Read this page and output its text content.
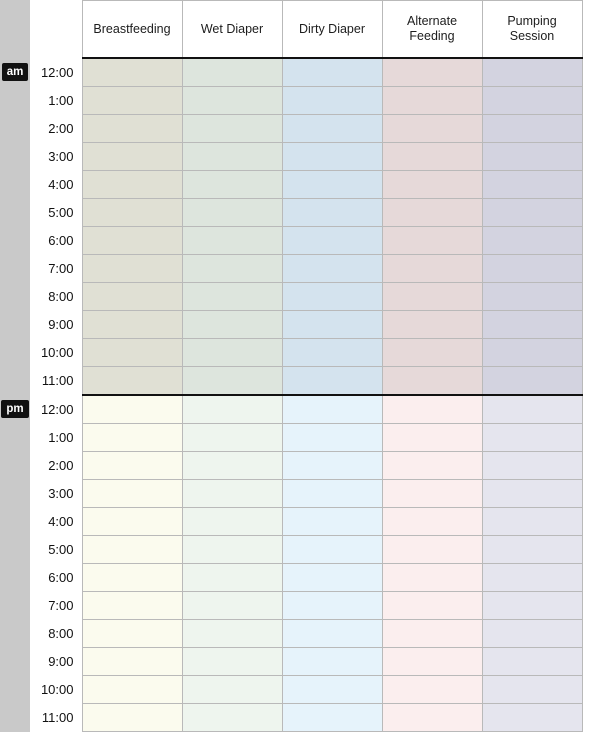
		Breastfeeding	Wet Diaper	Dirty Diaper	Alternate Feeding	Pumping Session
am	12:00					
	1:00					
	2:00					
	3:00					
	4:00					
	5:00					
	6:00					
	7:00					
	8:00					
	9:00					
	10:00					
	11:00					
pm	12:00					
	1:00					
	2:00					
	3:00					
	4:00					
	5:00					
	6:00					
	7:00					
	8:00					
	9:00					
	10:00					
	11:00					
